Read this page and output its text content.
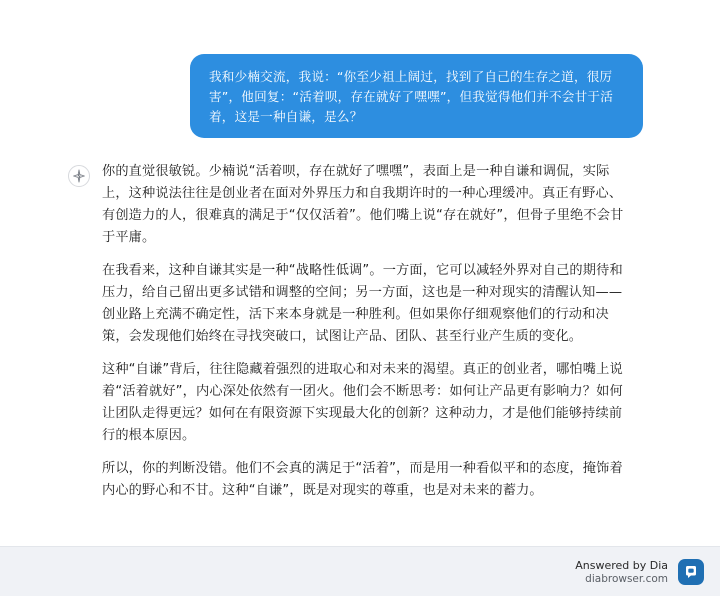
我和少楠交流，我说：“你至少祖上阔过，找到了自己的生存之道，很厉害”，他回复：“活着呗，存在就好了嘿嘿”，但我觉得他们并不会甘于活着，这是一种自谦，是么？

你的直觉很敏锐。少楠说“活着呗，存在就好了嘿嘿”，表面上是一种自谦和调侃，实际上，这种说法往往是创业者在面对外界压力和自我期许时的一种心理缓冲。真正有野心、有创造力的人，很难真的满足于“仅仅活着”。他们嘴上说“存在就好”，但骨子里绝不会甘于平庸。

在我看来，这种自谦其实是一种“战略性低调”。一方面，它可以减轻外界对自己的期待和压力，给自己留出更多试错和调整的空间；另一方面，这也是一种对现实的清醒认知——创业路上充满不确定性，活下来本身就是一种胜利。但如果你仔细观察他们的行动和决策，会发现他们始终在寻找突破口，试图让产品、团队、甚至行业产生质的变化。

这种“自谦”背后，往往隐藏着强烈的进取心和对未来的渴望。真正的创业者，哪怕嘴上说着“活着就好”，内心深处依然有一团火。他们会不断思考：如何让产品更有影响力？如何让团队走得更远？如何在有限资源下实现最大化的创新？这种动力，才是他们能够持续前行的根本原因。

所以，你的判断没错。他们不会真的满足于“活着”，而是用一种看似平和的态度，掩饰着内心的野心和不甘。这种“自谦”，既是对现实的尊重，也是对未来的蓄力。

Answered by Dia
diabrowser.com
